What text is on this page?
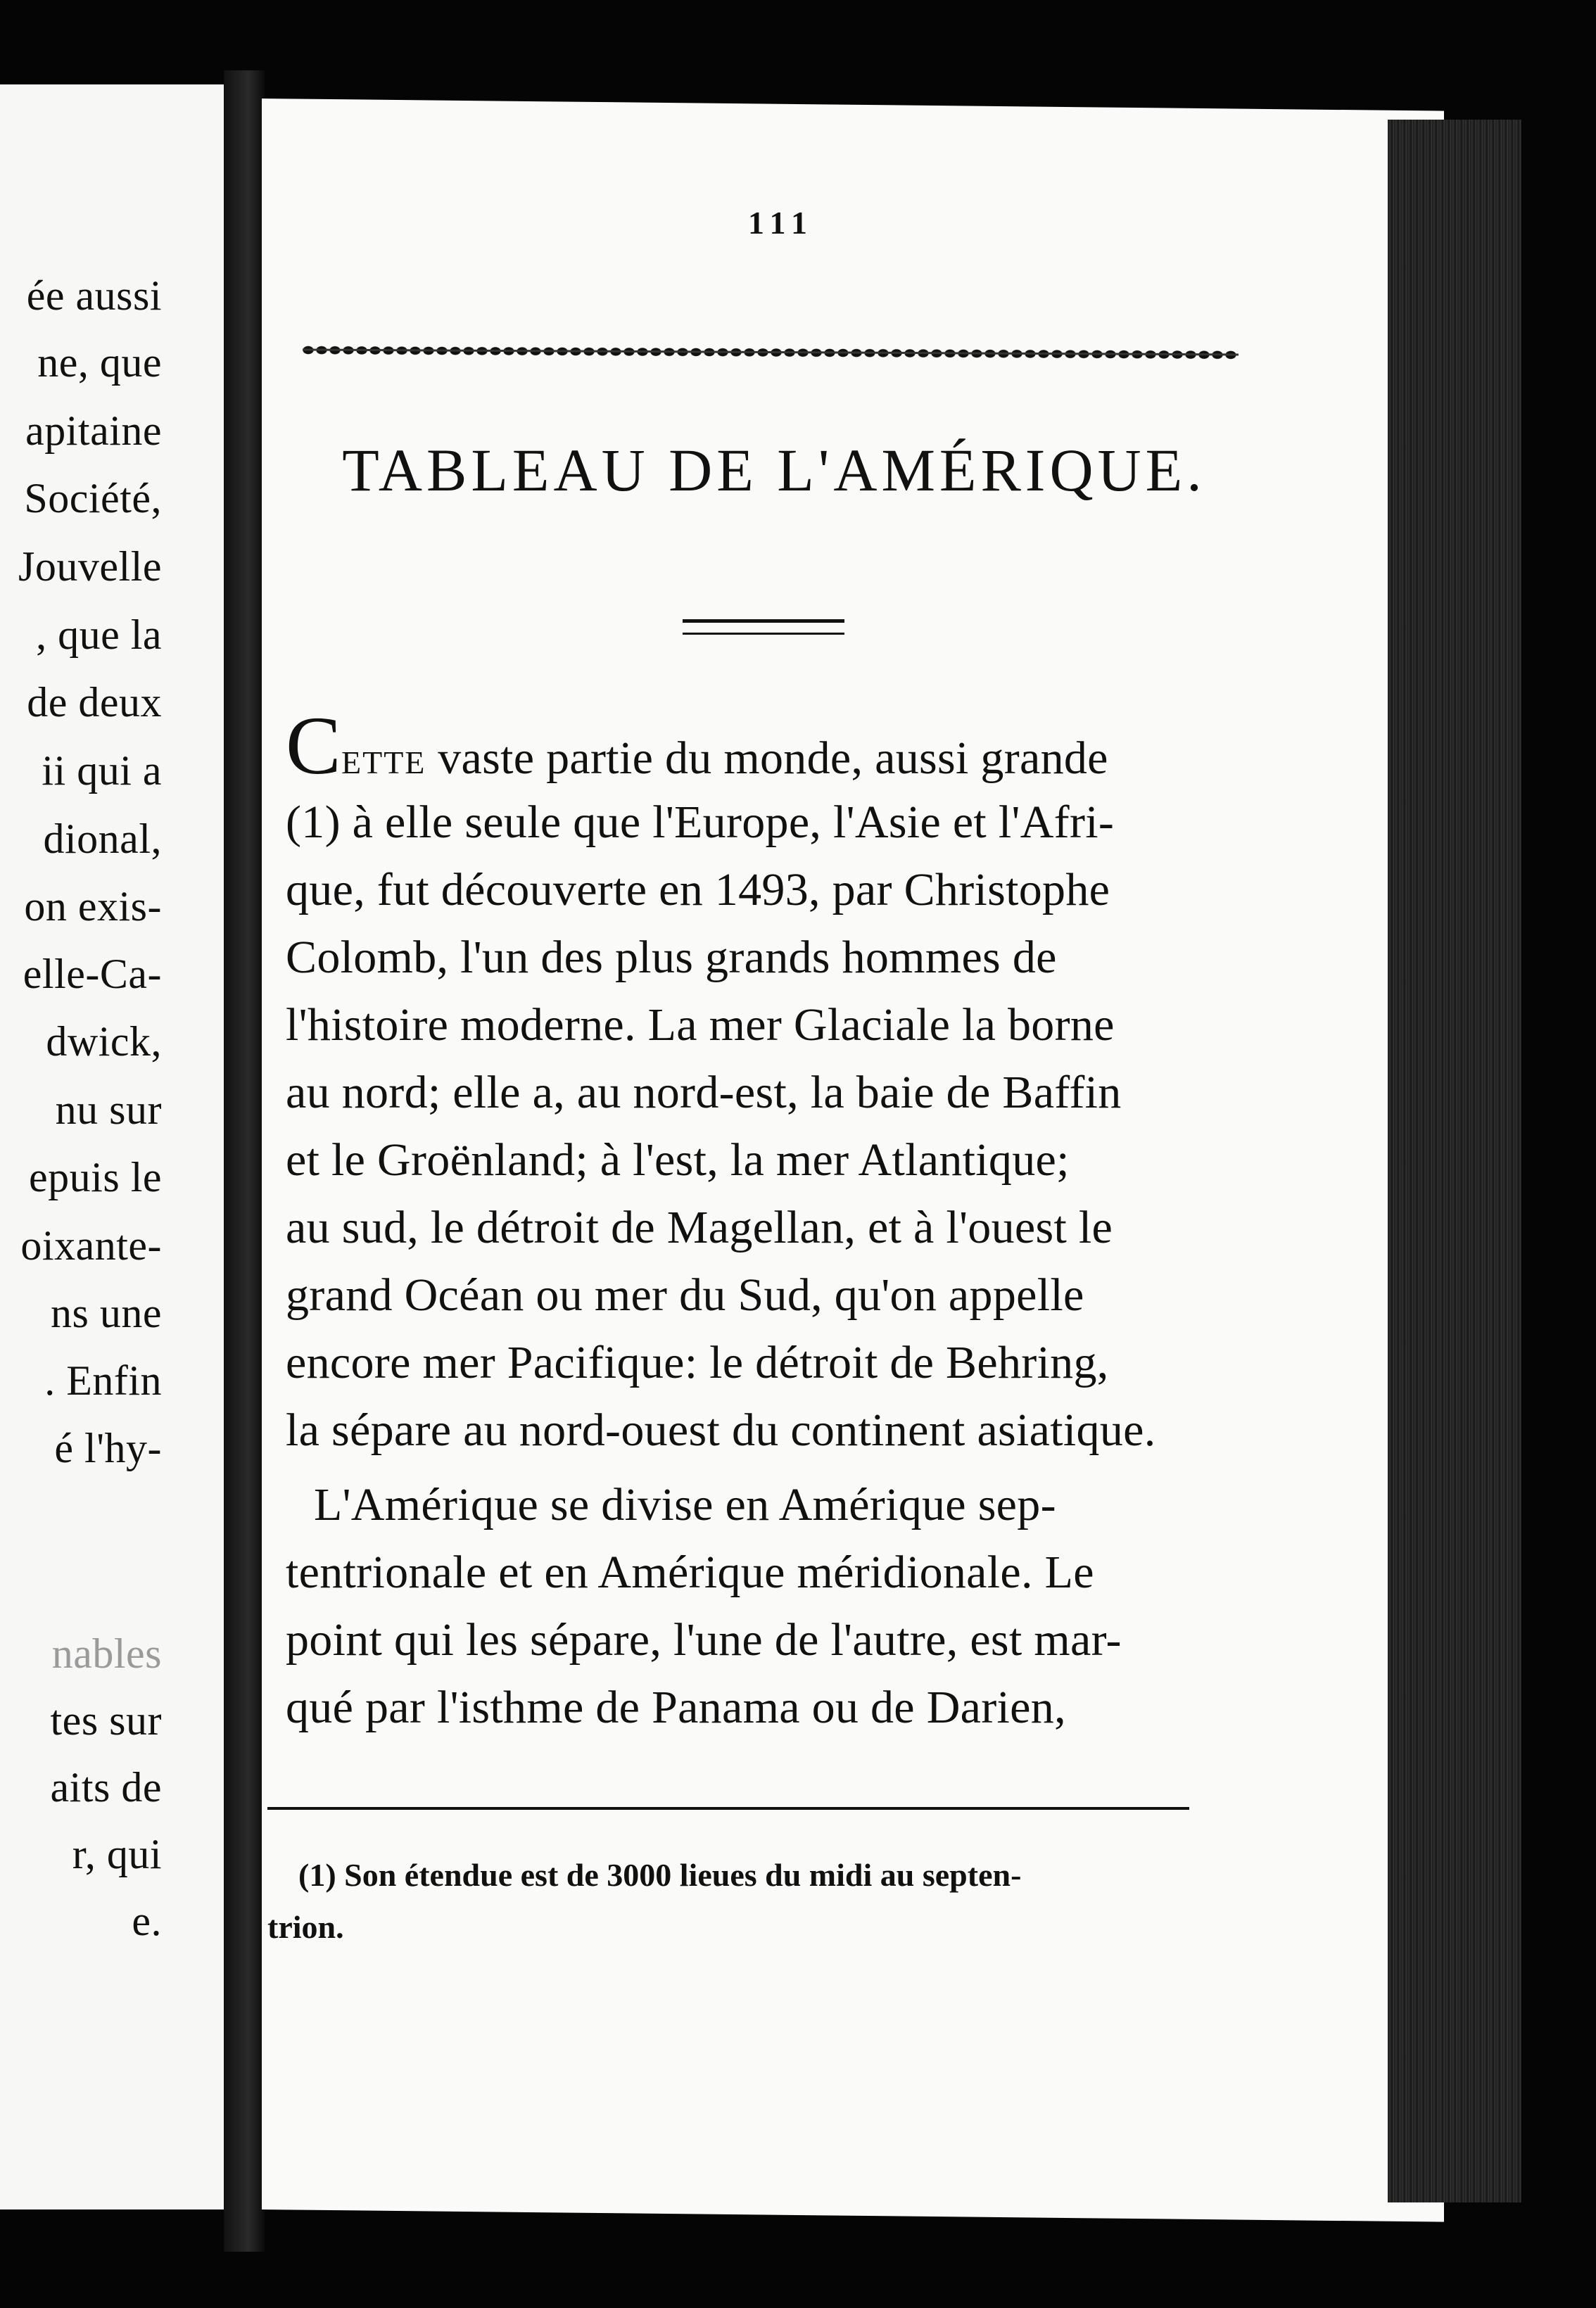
ée aussi
ne, que
apitaine
Société,
Jouvelle
, que la
de deux
ii qui a
dional,
on exis-
elle-Ca-
dwick,
nu sur
epuis le
oixante-
ns une
. Enfin
é l'hy-
nables
tes sur
aits de
r, qui
e.
111
TABLEAU DE L'AMÉRIQUE.
CETTE vaste partie du monde, aussi grande
(1) à elle seule que l'Europe, l'Asie et l'Afri-
que, fut découverte en 1493, par Christophe
Colomb, l'un des plus grands hommes de
l'histoire moderne. La mer Glaciale la borne
au nord; elle a, au nord-est, la baie de Baffin
et le Groënland; à l'est, la mer Atlantique;
au sud, le détroit de Magellan, et à l'ouest le
grand Océan ou mer du Sud, qu'on appelle
encore mer Pacifique: le détroit de Behring,
la sépare au nord-ouest du continent asiatique.
L'Amérique se divise en Amérique sep-
tentrionale et en Amérique méridionale. Le
point qui les sépare, l'une de l'autre, est mar-
qué par l'isthme de Panama ou de Darien,
(1) Son étendue est de 3000 lieues du midi au septen-
trion.
